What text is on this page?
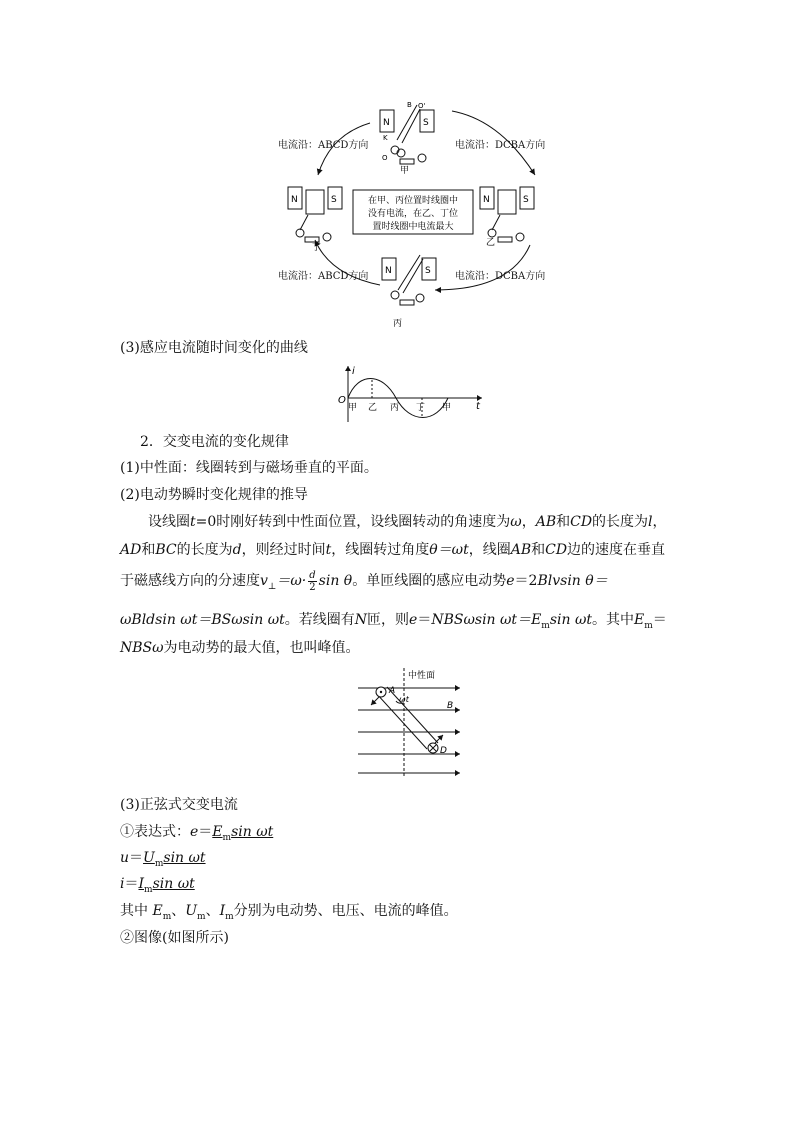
N	S
B O'
K
O
甲
N	S
乙
N	S
丙
N	S
丁
在甲、丙位置时线圈中
没有电流，在乙、丁位
置时线圈中电流最大
电流沿：ABCD方向	电流沿：DCBA方向
电流沿：ABCD方向	电流沿：DCBA方向
(3)感应电流随时间变化的曲线
i
t
O
甲 乙 丙 丁 甲
2．交变电流的变化规律
(1)中性面：线圈转到与磁场垂直的平面。
(2)电动势瞬时变化规律的推导
设线圈t=0时刚好转到中性面位置，设线圈转动的角速度为ω，AB和CD的长度为l，
AD和BC的长度为d，则经过时间t，线圈转过角度θ＝ωt，线圈AB和CD边的速度在垂直
于磁感线方向的分速度$v_\perp=\omega\cdot \frac{d}{2}$ sin θ。单匝线圈的感应电动势e＝2Blvsin θ＝
ωBldsin ωt＝BSωsin ωt。若线圈有N匝，则e＝NBSωsin $\omega t=E_m\sin$ ωt。其中$E_m=$
NBSω为电动势的最大值，也叫峰值。
中性面
A
B
D
ωt
(3)正弦式交变电流
①表达式：$e=E_m\sin$ ωt
$u=U_m\sin$ ωt
$i=I_m\sin$ ωt
其中 $E_m$、$U_m$、$I_m$分别为电动势、电压、电流的峰值。
②图像(如图所示)
